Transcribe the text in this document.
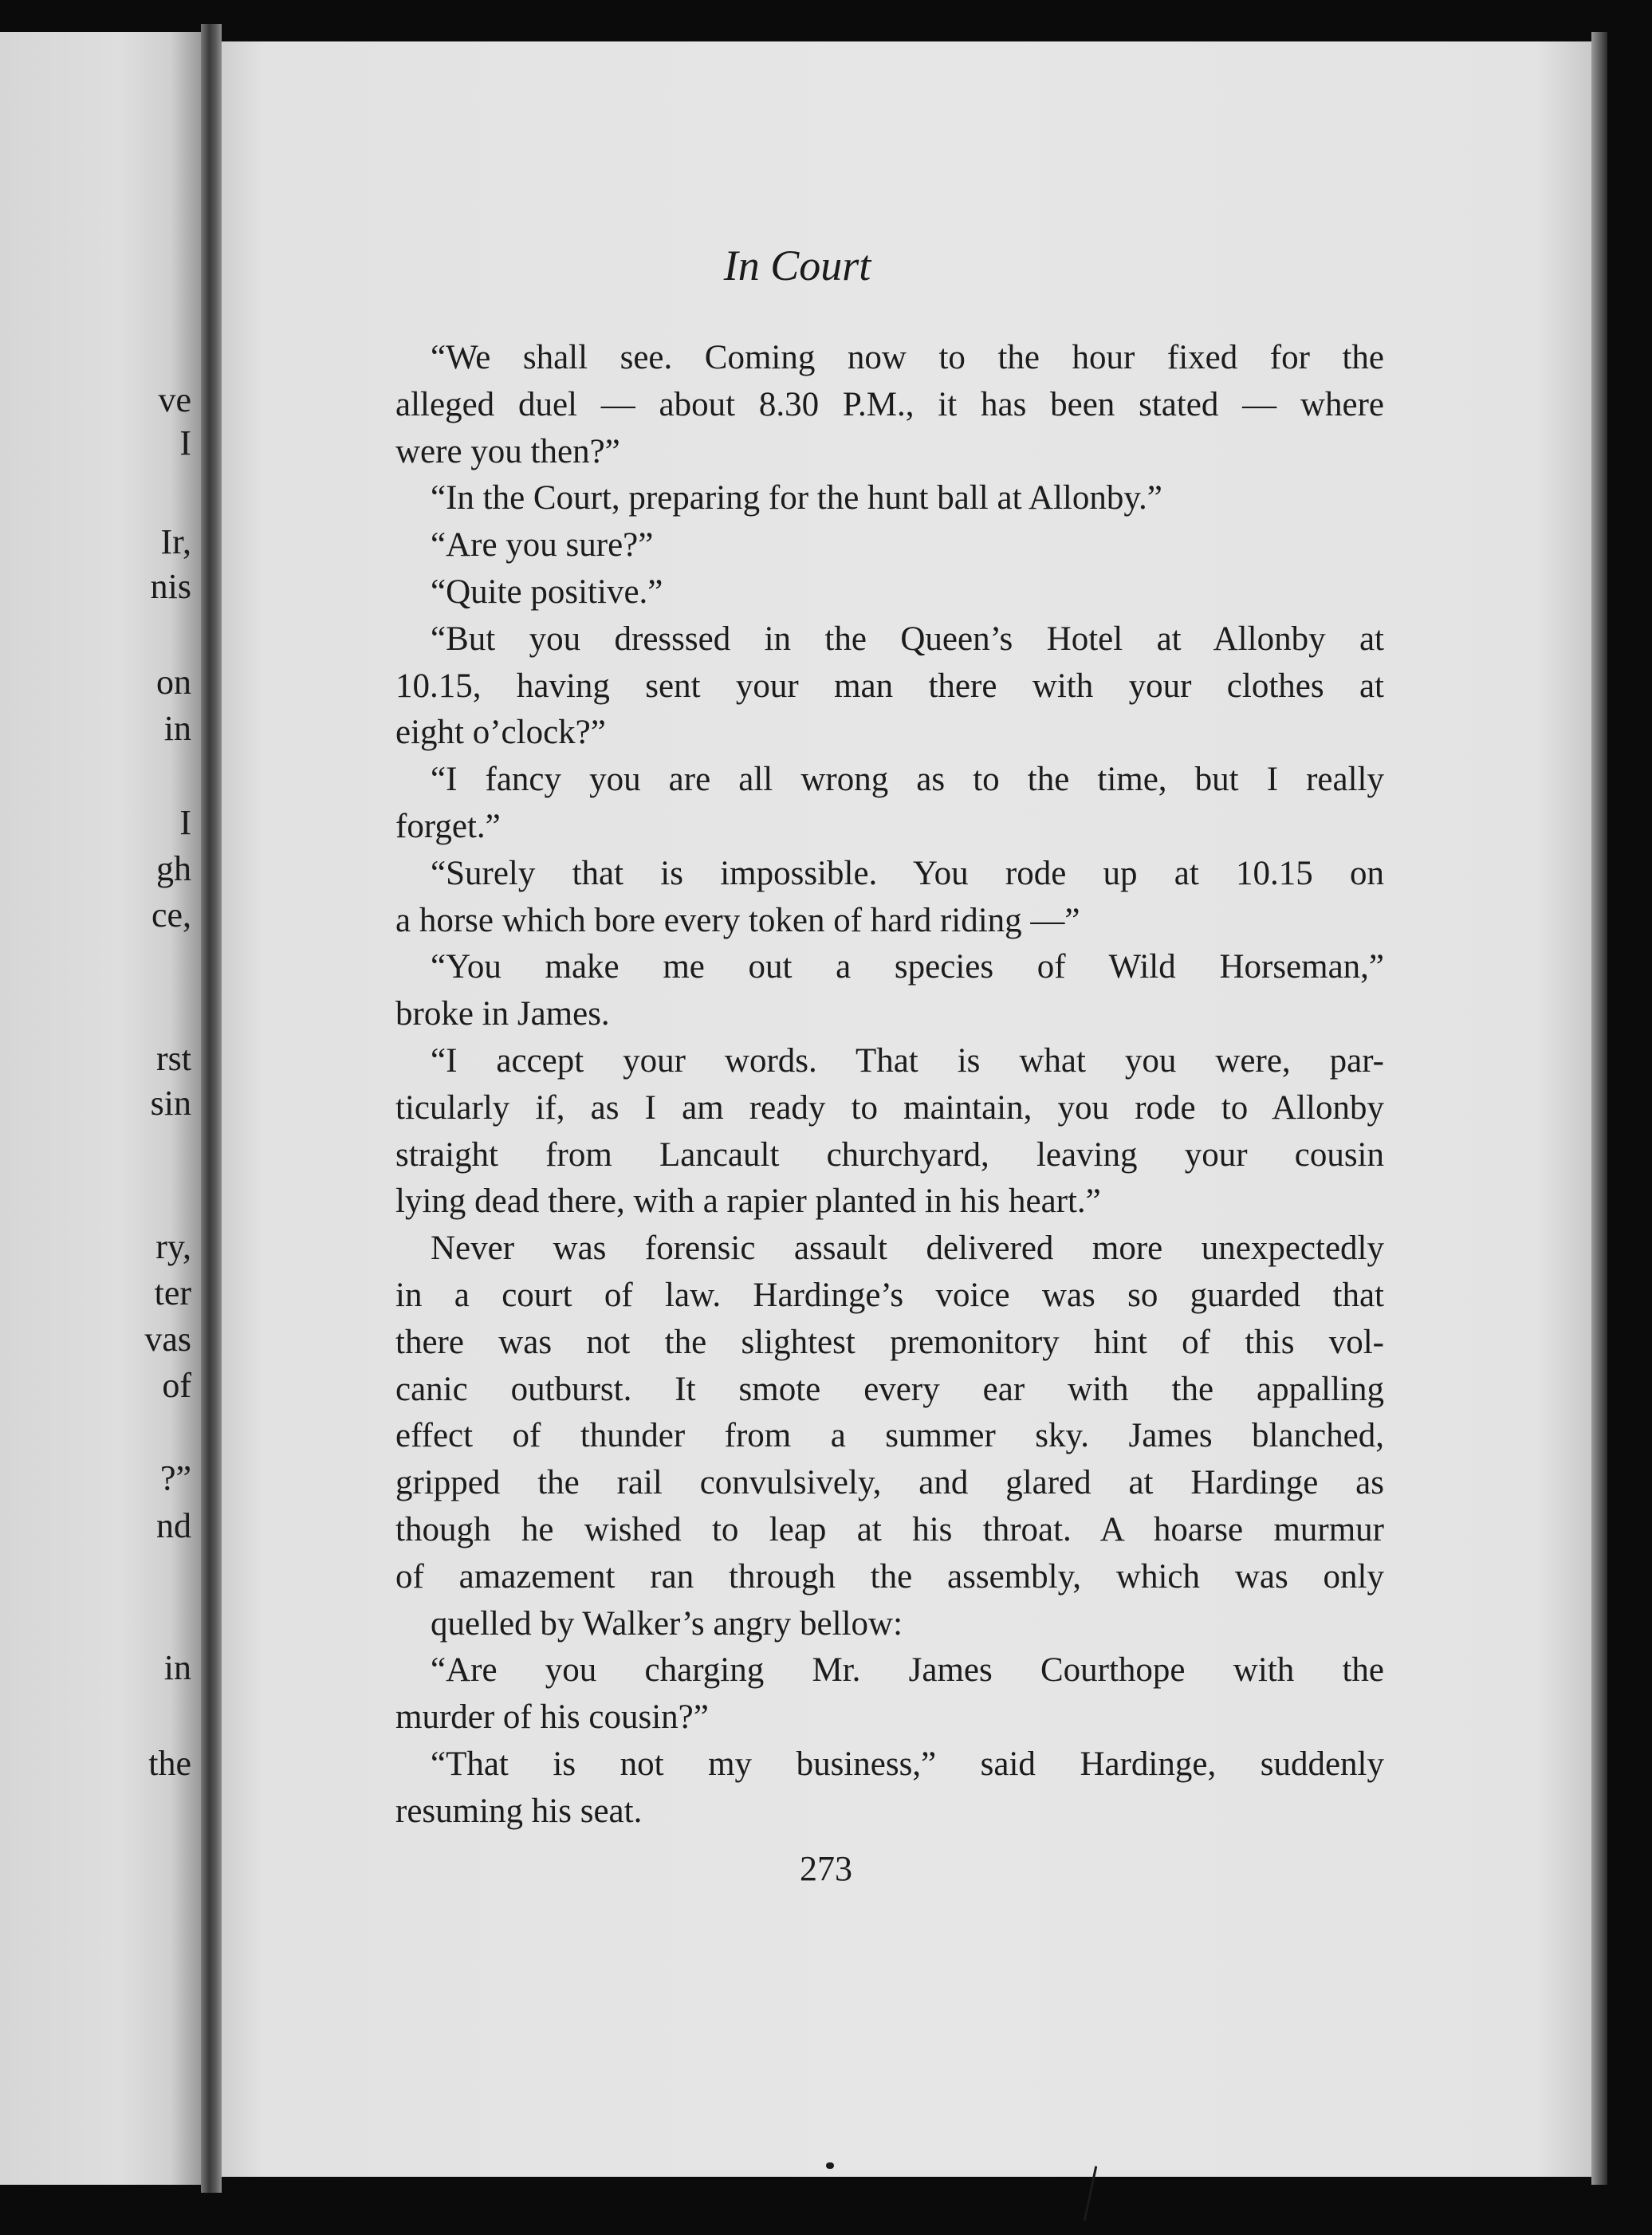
ve
I
Ir,
nis
on
in
I
gh
ce,
rst
sin
ry,
ter
vas
of
?”
nd
in
the
In Court
“We shall see. Coming now to the hour fixed for the
alleged duel — about 8.30 P.M., it has been stated — where
were you then?”
“In the Court, preparing for the hunt ball at Allonby.”
“Are you sure?”
“Quite positive.”
“But you dresssed in the Queen’s Hotel at Allonby at
10.15, having sent your man there with your clothes at
eight o’clock?”
“I fancy you are all wrong as to the time, but I really
forget.”
“Surely that is impossible. You rode up at 10.15 on
a horse which bore every token of hard riding —”
“You make me out a species of Wild Horseman,”
broke in James.
“I accept your words. That is what you were, par-
ticularly if, as I am ready to maintain, you rode to Allonby
straight from Lancault churchyard, leaving your cousin
lying dead there, with a rapier planted in his heart.”
Never was forensic assault delivered more unexpectedly
in a court of law. Hardinge’s voice was so guarded that
there was not the slightest premonitory hint of this vol-
canic outburst. It smote every ear with the appalling
effect of thunder from a summer sky. James blanched,
gripped the rail convulsively, and glared at Hardinge as
though he wished to leap at his throat. A hoarse murmur
of amazement ran through the assembly, which was only
quelled by Walker’s angry bellow:
“Are you charging Mr. James Courthope with the
murder of his cousin?”
“That is not my business,” said Hardinge, suddenly
resuming his seat.
273
